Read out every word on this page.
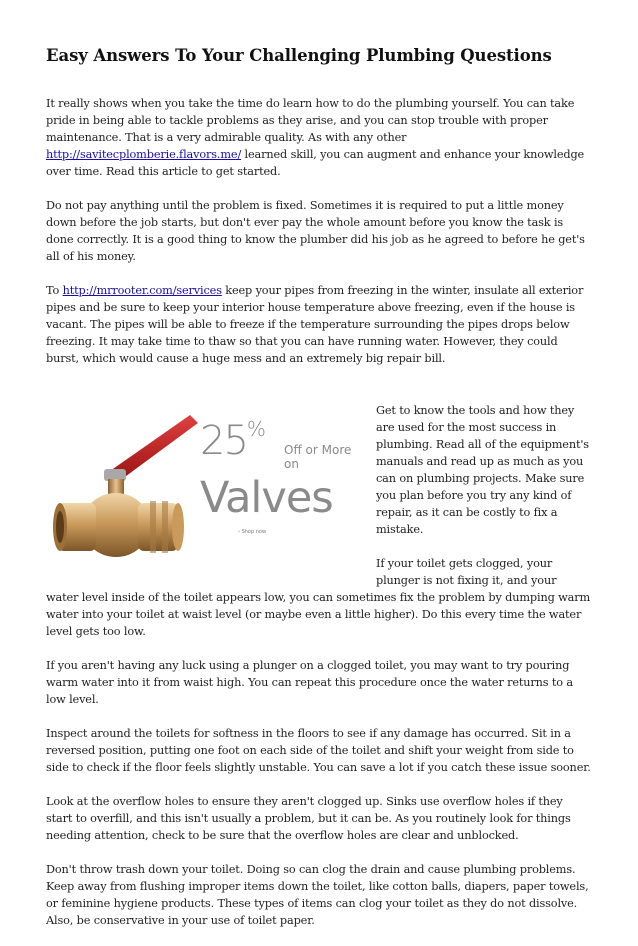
Easy Answers To Your Challenging Plumbing Questions

It really shows when you take the time do learn how to do the plumbing yourself. You can take pride in being able to tackle problems as they arise, and you can stop trouble with proper maintenance. That is a very admirable quality. As with any other http://savitecplomberie.flavors.me/ learned skill, you can augment and enhance your knowledge over time. Read this article to get started.

Do not pay anything until the problem is fixed. Sometimes it is required to put a little money down before the job starts, but don't ever pay the whole amount before you know the task is done correctly. It is a good thing to know the plumber did his job as he agreed to before he get's all of his money.

To http://mrrooter.com/services keep your pipes from freezing in the winter, insulate all exterior pipes and be sure to keep your interior house temperature above freezing, even if the house is vacant. The pipes will be able to freeze if the temperature surrounding the pipes drops below freezing. It may take time to thaw so that you can have running water. However, they could burst, which would cause a huge mess and an extremely big repair bill.

25%
Off or More on
Valves
› Shop now

Get to know the tools and how they are used for the most success in plumbing. Read all of the equipment's manuals and read up as much as you can on plumbing projects. Make sure you plan before you try any kind of repair, as it can be costly to fix a mistake.

If your toilet gets clogged, your plunger is not fixing it, and your water level inside of the toilet appears low, you can sometimes fix the problem by dumping warm water into your toilet at waist level (or maybe even a little higher). Do this every time the water level gets too low.

If you aren't having any luck using a plunger on a clogged toilet, you may want to try pouring warm water into it from waist high. You can repeat this procedure once the water returns to a low level.

Inspect around the toilets for softness in the floors to see if any damage has occurred. Sit in a reversed position, putting one foot on each side of the toilet and shift your weight from side to side to check if the floor feels slightly unstable. You can save a lot if you catch these issue sooner.

Look at the overflow holes to ensure they aren't clogged up. Sinks use overflow holes if they start to overfill, and this isn't usually a problem, but it can be. As you routinely look for things needing attention, check to be sure that the overflow holes are clear and unblocked.

Don't throw trash down your toilet. Doing so can clog the drain and cause plumbing problems. Keep away from flushing improper items down the toilet, like cotton balls, diapers, paper towels, or feminine hygiene products. These types of items can clog your toilet as they do not dissolve. Also, be conservative in your use of toilet paper.
